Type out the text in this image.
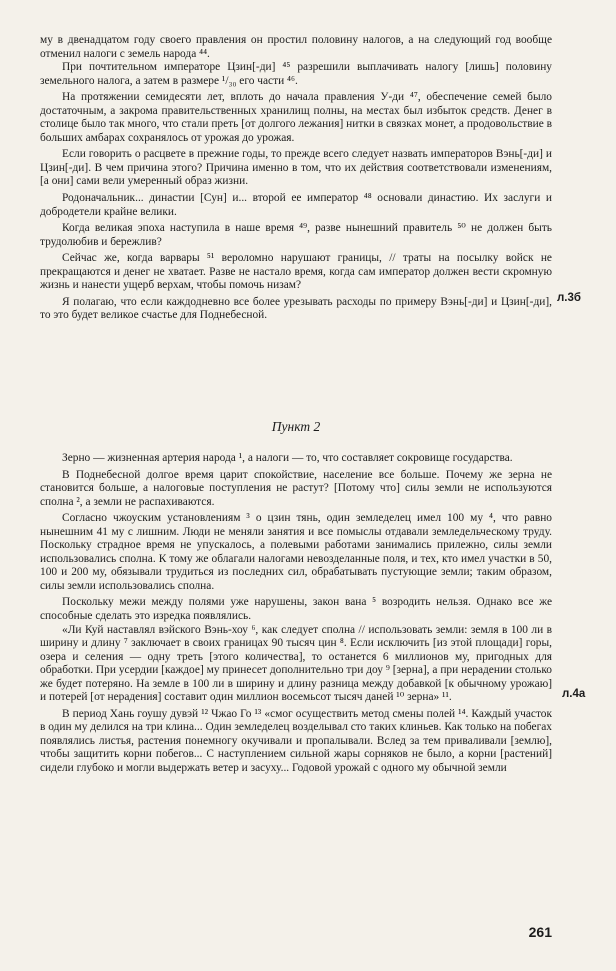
му в двенадцатом году своего правления он простил половину налогов, а на следующий год вообще отменил налоги с земель народа ⁴⁴.

При почтительном императоре Цзин[-ди] ⁴⁵ разрешили выплачивать налогу [лишь] половину земельного налога, а затем в размере ¹/₃₀ его части ⁴⁶.

На протяжении семидесяти лет, вплоть до начала правления У-ди ⁴⁷, обеспечение семей было достаточным, а закрома правительственных хранилищ полны, на местах был избыток средств. Денег в столице было так много, что стали преть [от долгого лежания] нитки в связках монет, а продовольствие в больших амбарах сохранялось от урожая до урожая.

Если говорить о расцвете в прежние годы, то прежде всего следует назвать императоров Вэнь[-ди] и Цзин[-ди]. В чем причина этого? Причина именно в том, что их действия соответствовали изменениям, [а они] сами вели умеренный образ жизни.

Родоначальник... династии [Сун] и... второй ее император ⁴⁸ основали династию. Их заслуги и добродетели крайне велики.

Когда великая эпоха наступила в наше время ⁴⁹, разве нынешний правитель ⁵⁰ не должен быть трудолюбив и бережлив?

Сейчас же, когда варвары ⁵¹ вероломно нарушают границы, // траты на посылку войск не прекращаются и денег не хватает. Разве не настало время, когда сам император должен вести скромную жизнь и нанести ущерб верхам, чтобы помочь низам?

Я полагаю, что если каждодневно все более урезывать расходы по примеру Вэнь[-ди] и Цзин[-ди], то это будет великое счастье для Поднебесной.

л.3б

Пункт 2

Зерно — жизненная артерия народа ¹, а налоги — то, что составляет сокровище государства.

В Поднебесной долгое время царит спокойствие, население все больше. Почему же зерна не становится больше, а налоговые поступления не растут? [Потому что] силы земли не используются сполна ², а земли не распахиваются.

Согласно чжоуским установлениям ³ о цзин тянь, один земледелец имел 100 му ⁴, что равно нынешним 41 му с лишним. Люди не меняли занятия и все помыслы отдавали земледельческому труду. Поскольку страдное время не упускалось, а полевыми работами занимались прилежно, силы земли использовались сполна. К тому же облагали налогами невозделанные поля, и тех, кто имел участки в 50, 100 и 200 му, обязывали трудиться из последних сил, обрабатывать пустующие земли; таким образом, силы земли использовались сполна.

Поскольку межи между полями уже нарушены, закон вана ⁵ возродить нельзя. Однако все же способные сделать это изредка появлялись.

«Ли Куй наставлял вэйского Вэнь-хоу ⁶, как следует сполна // использовать земли: земля в 100 ли в ширину и длину ⁷ заключает в своих границах 90 тысяч цин ⁸. Если исключить [из этой площади] горы, озера и селения — одну треть [этого количества], то останется 6 миллионов му, пригодных для обработки. При усердии [каждое] му принесет дополнительно три доу ⁹ [зерна], а при нерадении столько же будет потеряно. На земле в 100 ли в ширину и длину разница между добавкой [к обычному урожаю] и потерей [от нерадения] составит один миллион восемьсот тысяч даней ¹⁰ зерна» ¹¹.

В период Хань гоушу дувэй ¹² Чжао Го ¹³ «смог осуществить метод смены полей ¹⁴. Каждый участок в один му делился на три клина... Один земледелец возделывал сто таких клиньев. Как только на побегах появлялись листья, растения понемногу окучивали и пропалывали. Вслед за тем приваливали [землю], чтобы защитить корни побегов... С наступлением сильной жары сорняков не было, а корни [растений] сидели глубоко и могли выдержать ветер и засуху... Годовой урожай с одного му обычной земли

л.4а
261
